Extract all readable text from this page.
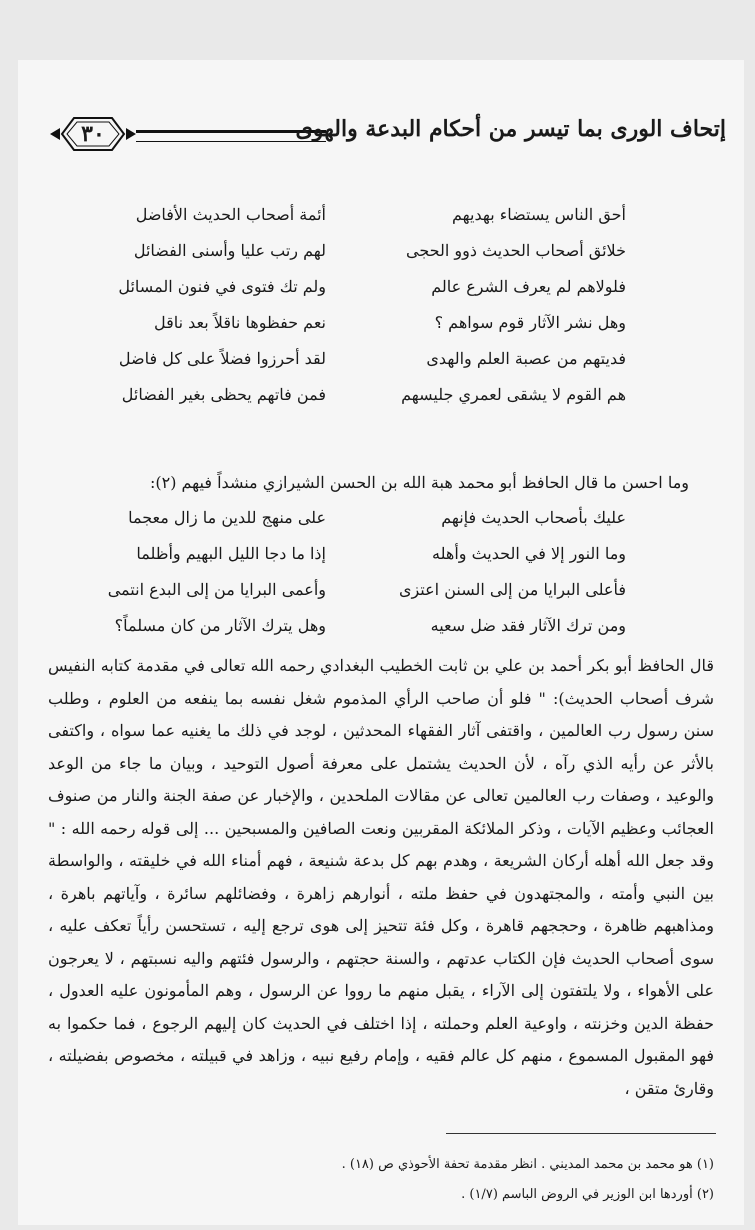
٣٠	إتحاف الورى بما تيسر من أحكام البدعة والهوى
أحق الناس يستضاء بهديهم
أئمة أصحاب الحديث الأفاضل
خلائق أصحاب الحديث ذوو الحجى
لهم رتب عليا وأسنى الفضائل
فلولاهم لم يعرف الشرع عالم
ولم تك فتوى في فنون المسائل
وهل نشر الآثار قوم سواهم ؟
نعم حفظوها ناقلاً بعد ناقل
فديتهم من عصبة العلم والهدى
لقد أحرزوا فضلاً على كل فاضل
هم القوم لا يشقى لعمري جليسهم
فمن فاتهم يحظى بغير الفضائل
وما احسن ما قال الحافظ أبو محمد هبة الله بن الحسن الشيرازي منشداً فيهم (٢):
عليك بأصحاب الحديث فإنهم
على منهج للدين ما زال معجما
وما النور إلا في الحديث وأهله
إذا ما دجا الليل البهيم وأظلما
فأعلى البرايا من إلى السنن اعتزى
وأعمى البرايا من إلى البدع انتمى
ومن ترك الآثار فقد ضل سعيه
وهل يترك الآثار من كان مسلماً؟

قال الحافظ أبو بكر أحمد بن علي بن ثابت الخطيب البغدادي رحمه الله تعالى في مقدمة كتابه النفيس شرف أصحاب الحديث): " فلو أن صاحب الرأي المذموم شغل نفسه بما ينفعه من العلوم ، وطلب سنن رسول رب العالمين ، واقتفى آثار الفقهاء المحدثين ، لوجد في ذلك ما يغنيه عما سواه ، واكتفى بالأثر عن رأيه الذي رآه ، لأن الحديث يشتمل على معرفة أصول التوحيد ، وبيان ما جاء من الوعد والوعيد ، وصفات رب العالمين تعالى عن مقالات الملحدين ، والإخبار عن صفة الجنة والنار من صنوف العجائب وعظيم الآيات ، وذكر الملائكة المقربين ونعت الصافين والمسبحين ... إلى قوله رحمه الله : " وقد جعل الله أهله أركان الشريعة ، وهدم بهم كل بدعة شنيعة ، فهم أمناء الله في خليقته ، والواسطة بين النبي وأمته ، والمجتهدون في حفظ ملته ، أنوارهم زاهرة ، وفضائلهم سائرة ، وآياتهم باهرة ، ومذاهبهم ظاهرة ، وحججهم قاهرة ، وكل فئة تتحيز إلى هوى ترجع إليه ، تستحسن رأياً تعكف عليه ، سوى أصحاب الحديث فإن الكتاب عدتهم ، والسنة حجتهم ، والرسول فئتهم واليه نسبتهم ، لا يعرجون على الأهواء ، ولا يلتفتون إلى الآراء ، يقبل منهم ما رووا عن الرسول ، وهم المأمونون عليه العدول ، حفظة الدين وخزنته ، واوعية العلم وحملته ، إذا اختلف في الحديث كان إليهم الرجوع ، فما حكموا به فهو المقبول المسموع ، منهم كل عالم فقيه ، وإمام رفيع نبيه ، وزاهد في قبيلته ، مخصوص بفضيلته ، وقارئ متقن ،

(١) هو محمد بن محمد المديني . انظر مقدمة تحفة الأحوذي ص (١٨) .
(٢) أوردها ابن الوزير في الروض الباسم (١/٧) .
